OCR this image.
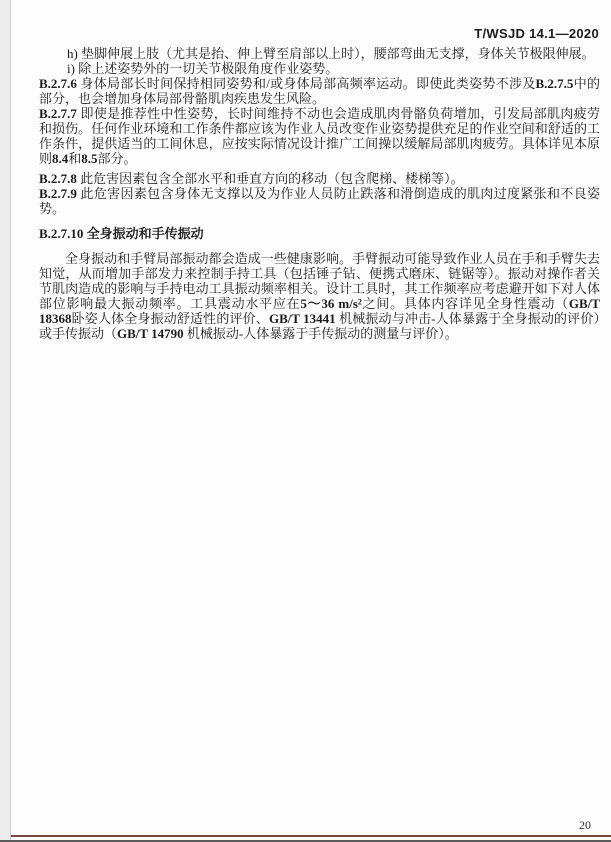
T/WSJD 14.1—2020
h) 垫脚伸展上肢（尤其是抬、伸上臂至肩部以上时），腰部弯曲无支撑，身体关节极限伸展。
i) 除上述姿势外的一切关节极限角度作业姿势。
B.2.7.6 身体局部长时间保持相同姿势和/或身体局部高频率运动。即使此类姿势不涉及B.2.7.5中的部分，也会增加身体局部骨骼肌肉疾患发生风险。
B.2.7.7 即使是推荐性中性姿势，长时间维持不动也会造成肌肉骨骼负荷增加，引发局部肌肉疲劳和损伤。任何作业环境和工作条件都应该为作业人员改变作业姿势提供充足的作业空间和舒适的工作条件，提供适当的工间休息，应按实际情况设计推广工间操以缓解局部肌肉疲劳。具体详见本原则8.4和8.5部分。
B.2.7.8 此危害因素包含全部水平和垂直方向的移动（包含爬梯、楼梯等）。
B.2.7.9 此危害因素包含身体无支撑以及为作业人员防止跌落和滑倒造成的肌肉过度紧张和不良姿势。
B.2.7.10 全身振动和手传振动
全身振动和手臂局部振动都会造成一些健康影响。手臂振动可能导致作业人员在手和手臂失去知觉，从而增加手部发力来控制手持工具（包括锤子钻、便携式磨床、链锯等）。振动对操作者关节肌肉造成的影响与手持电动工具振动频率相关。设计工具时，其工作频率应考虑避开如下对人体部位影响最大振动频率。工具震动水平应在5～36 m/s²之间。具体内容详见全身性震动（GB/T 18368卧姿人体全身振动舒适性的评价、GB/T 13441 机械振动与冲击-人体暴露于全身振动的评价）或手传振动（GB/T 14790 机械振动-人体暴露于手传振动的测量与评价）。
20
